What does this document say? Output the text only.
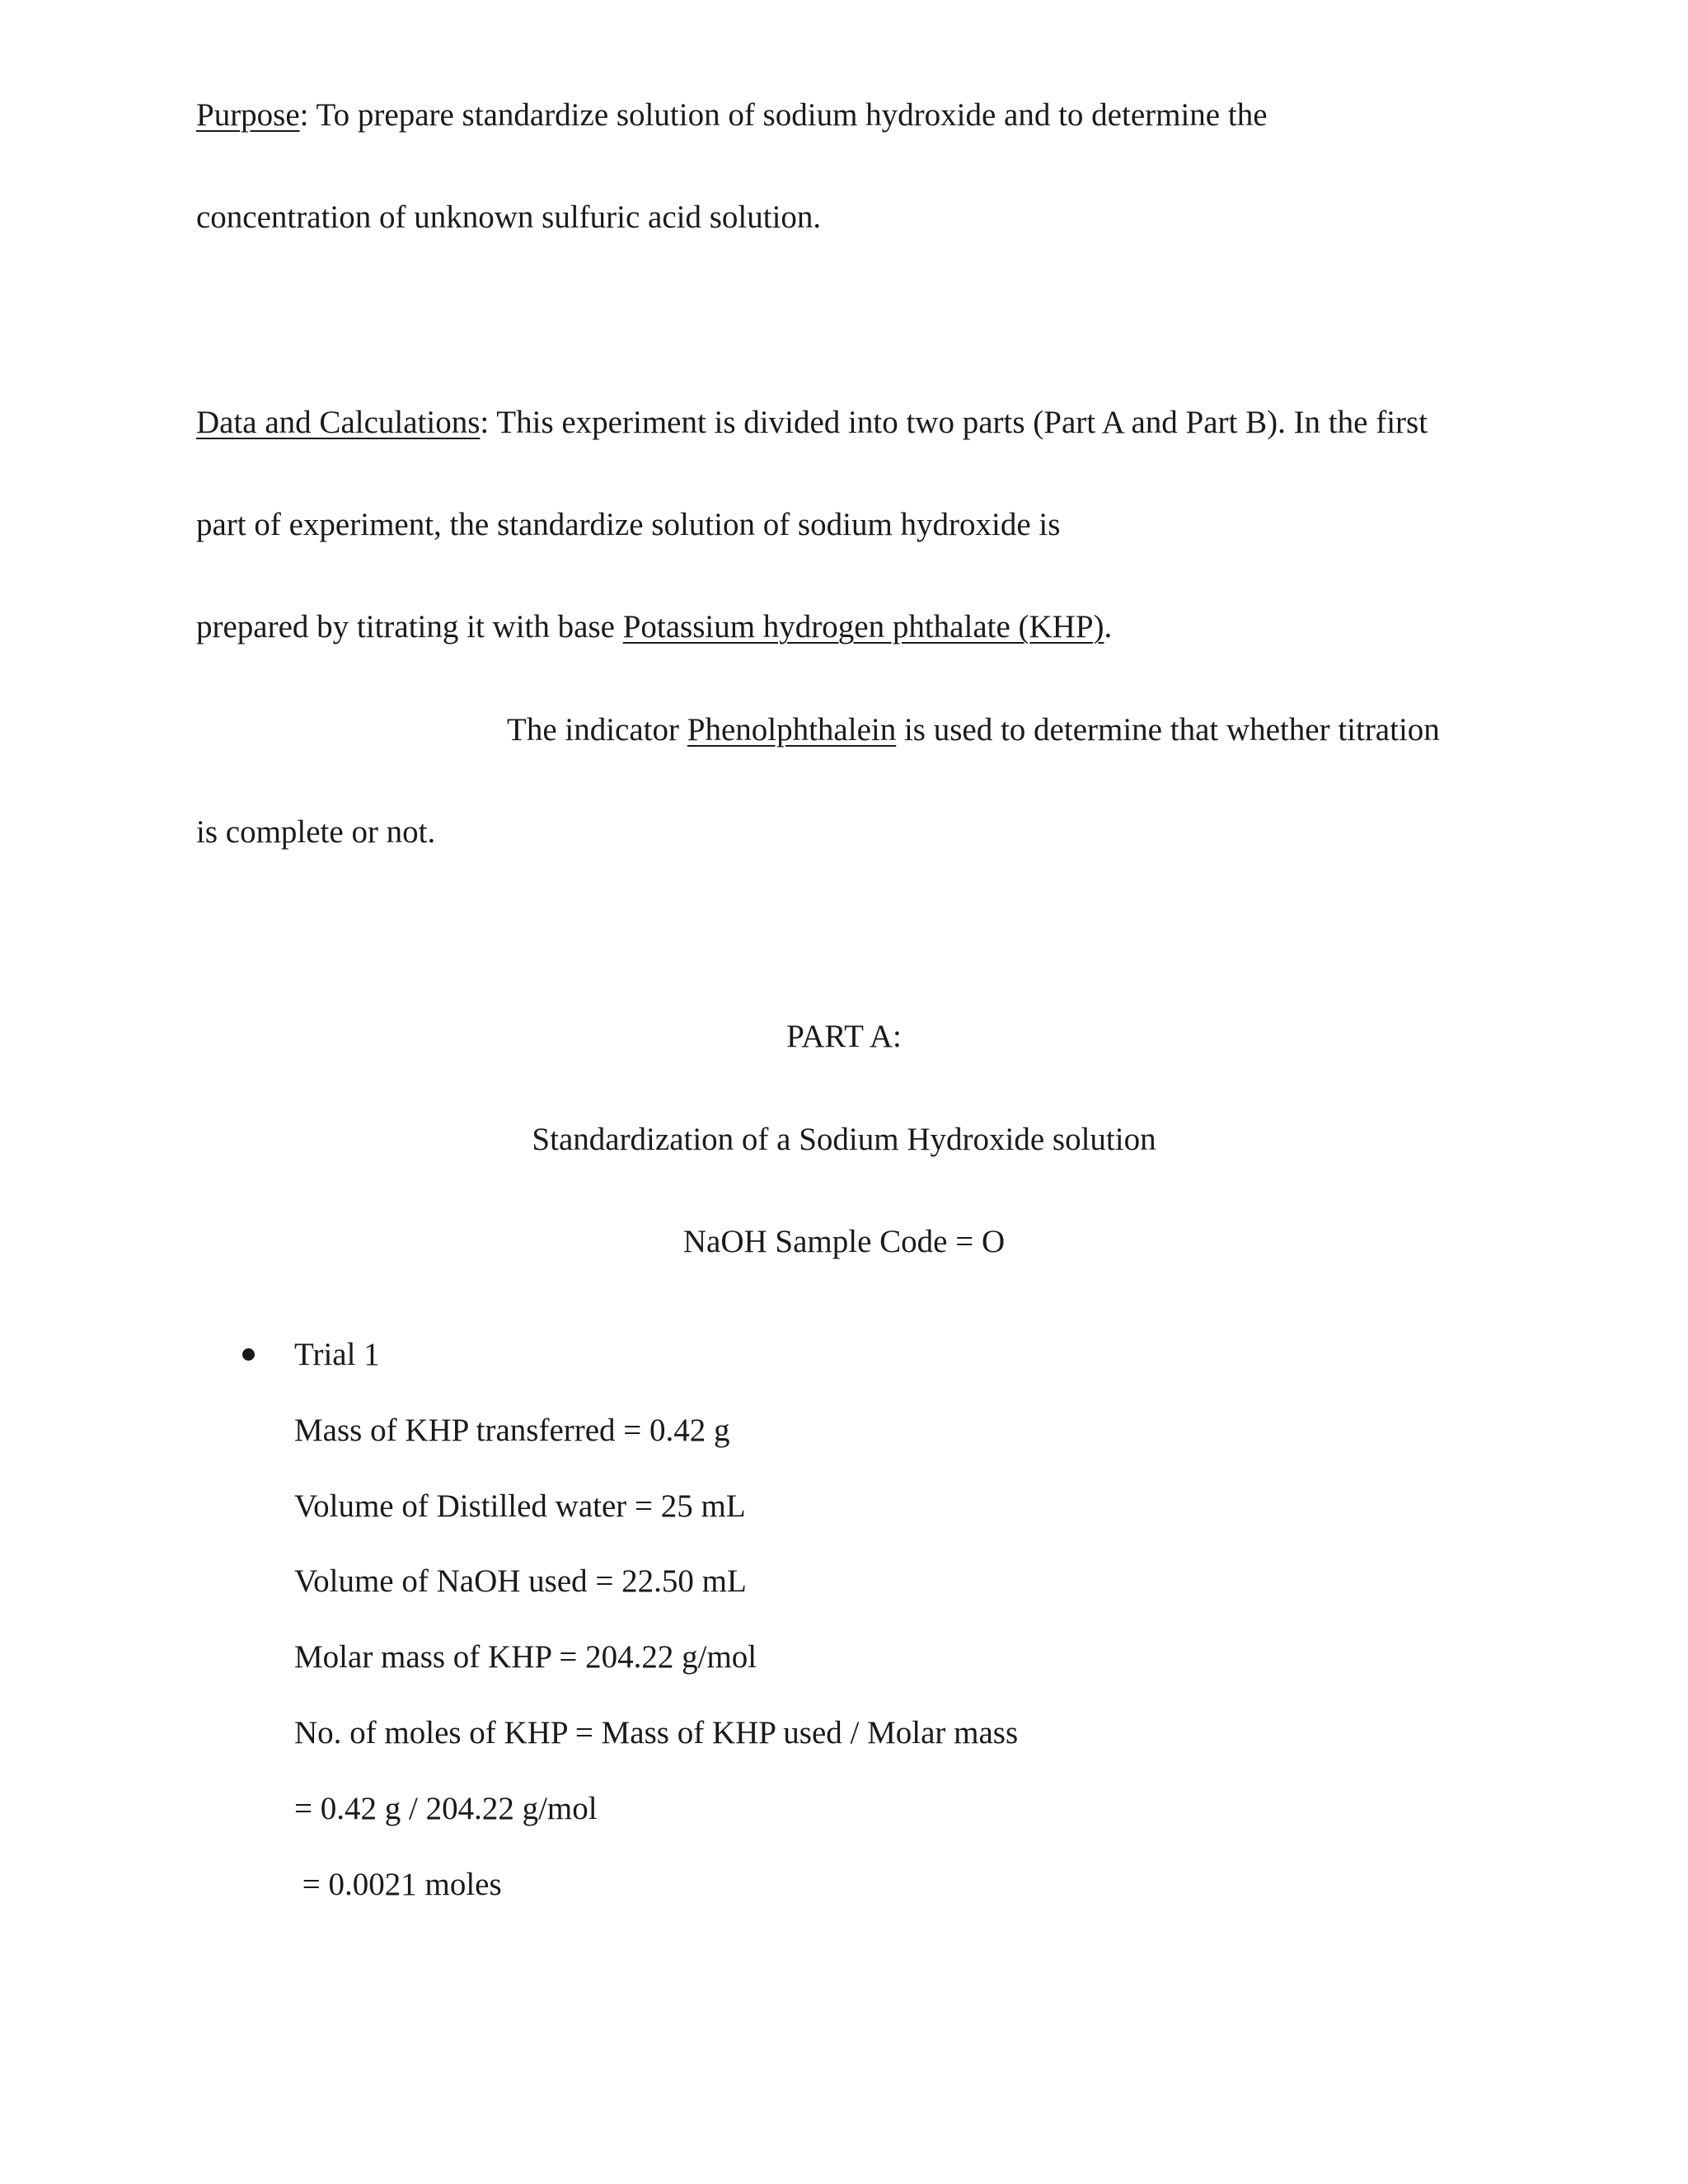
Purpose: To prepare standardize solution of sodium hydroxide and to determine the
concentration of unknown sulfuric acid solution.
Data and Calculations: This experiment is divided into two parts (Part A and Part B). In the first
part of experiment, the standardize solution of sodium hydroxide is
prepared by titrating it with base Potassium hydrogen phthalate (KHP).
The indicator Phenolphthalein is used to determine that whether titration
is complete or not.
PART A:
Standardization of a Sodium Hydroxide solution
NaOH Sample Code = O
Trial 1
Mass of KHP transferred = 0.42 g
Volume of Distilled water = 25 mL
Volume of NaOH used = 22.50 mL
Molar mass of KHP = 204.22 g/mol
No. of moles of KHP = Mass of KHP used / Molar mass
= 0.42 g / 204.22 g/mol
= 0.0021 moles
